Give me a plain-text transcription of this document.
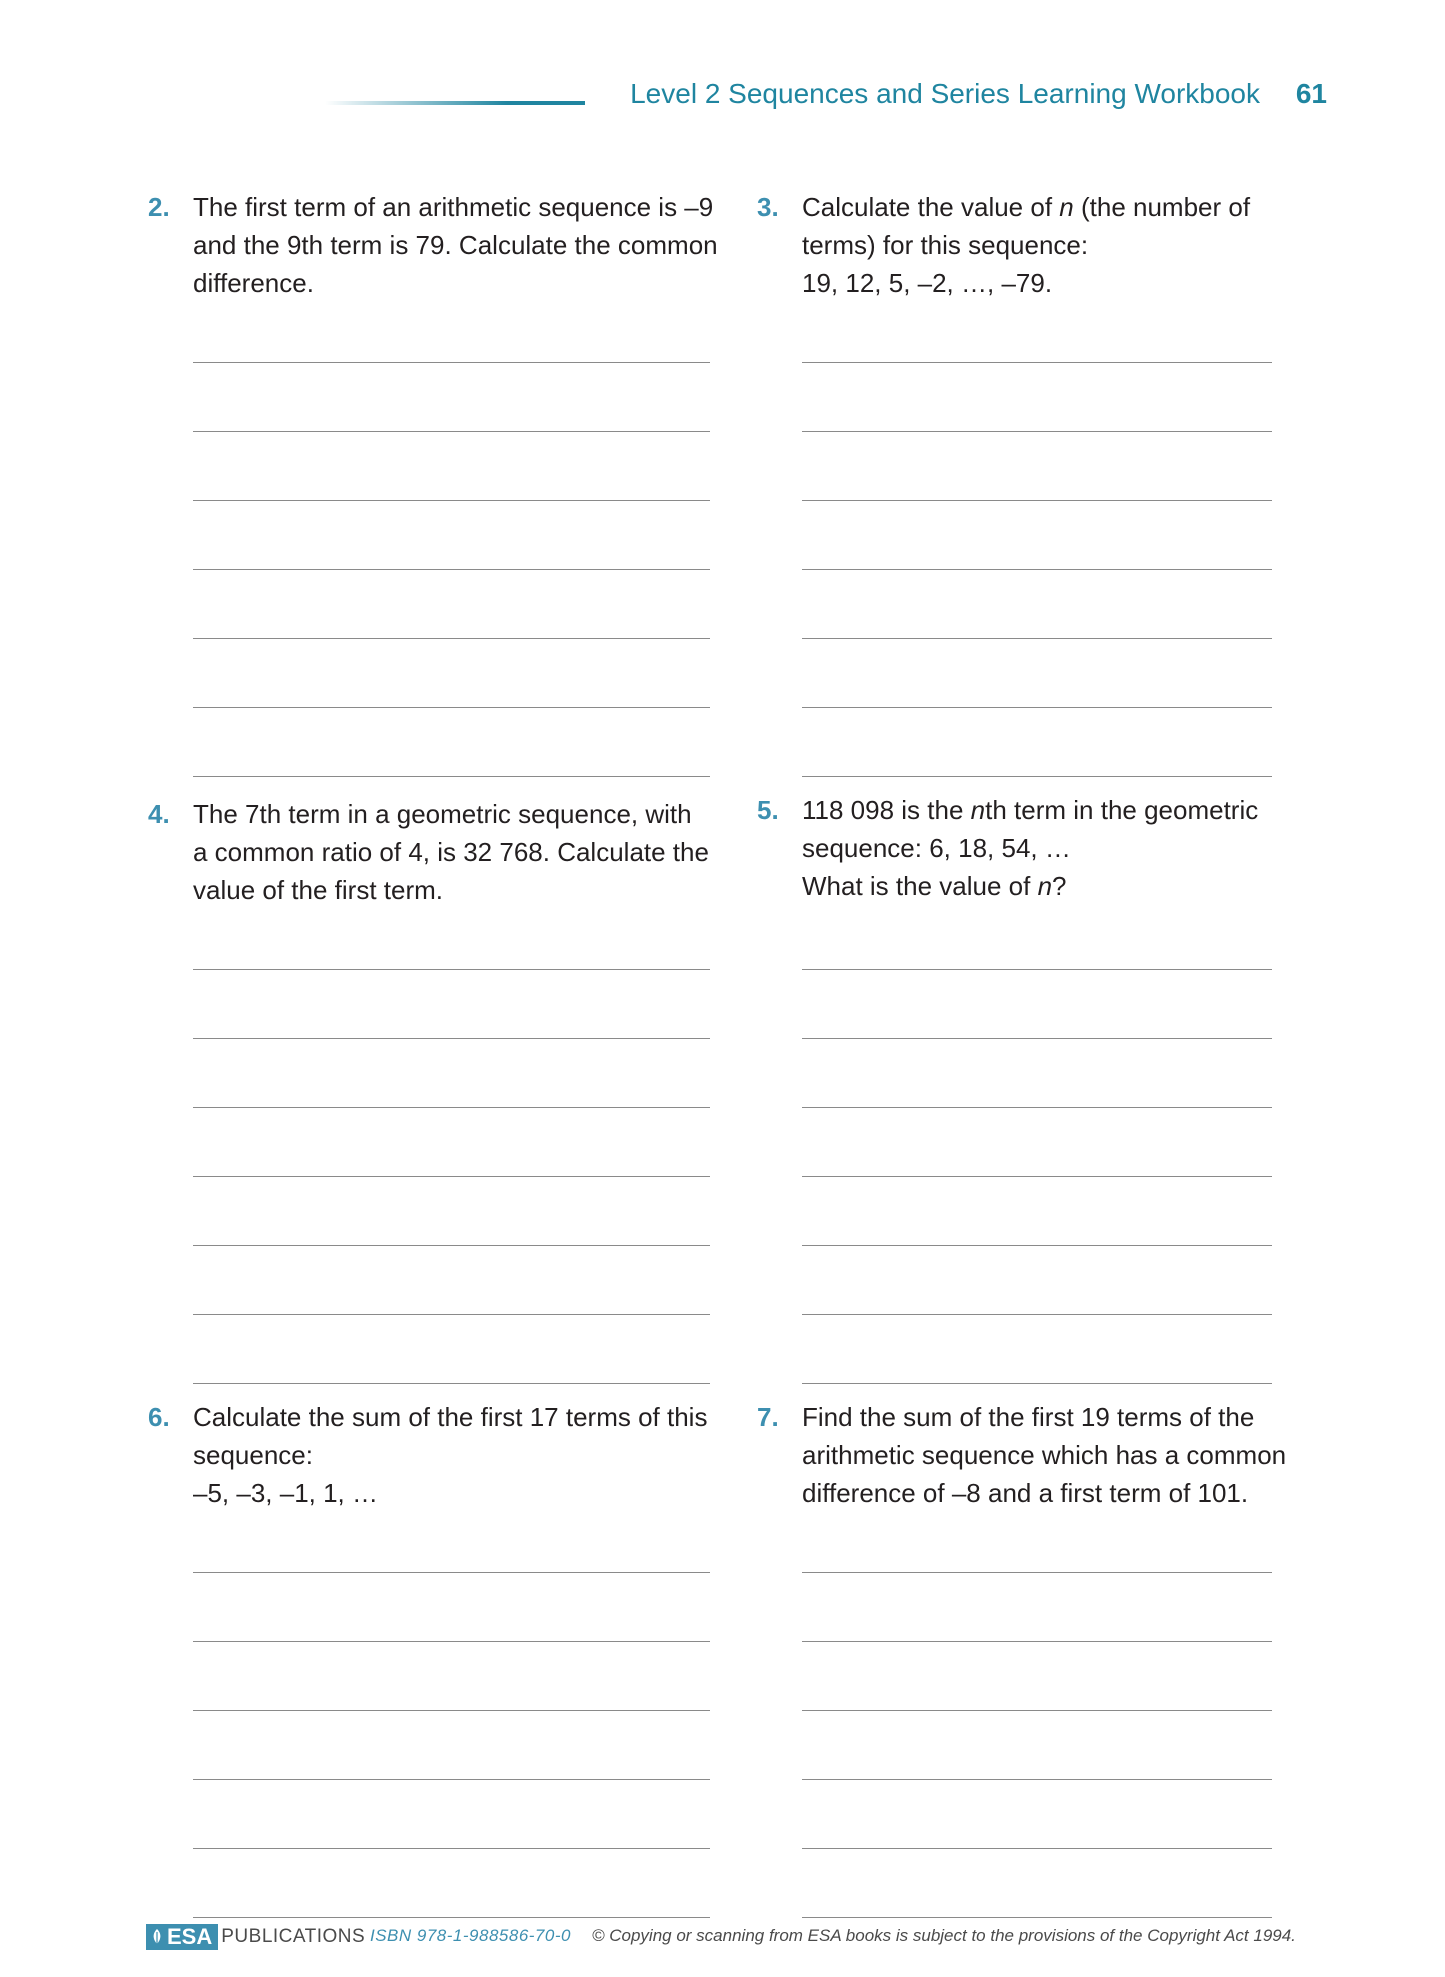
Level 2 Sequences and Series Learning Workbook 61
2. The first term of an arithmetic sequence is –9
and the 9th term is 79. Calculate the common
difference.
3. Calculate the value of n (the number of
terms) for this sequence:
19, 12, 5, –2, …, –79.
4. The 7th term in a geometric sequence, with
a common ratio of 4, is 32 768. Calculate the
value of the first term.
5. 118 098 is the nth term in the geometric
sequence: 6, 18, 54, …
What is the value of n?
6. Calculate the sum of the first 17 terms of this
sequence:
–5, –3, –1, 1, …
7. Find the sum of the first 19 terms of the
arithmetic sequence which has a common
difference of –8 and a first term of 101.
ESA PUBLICATIONS ISBN 978-1-988586-70-0 © Copying or scanning from ESA books is subject to the provisions of the Copyright Act 1994.
